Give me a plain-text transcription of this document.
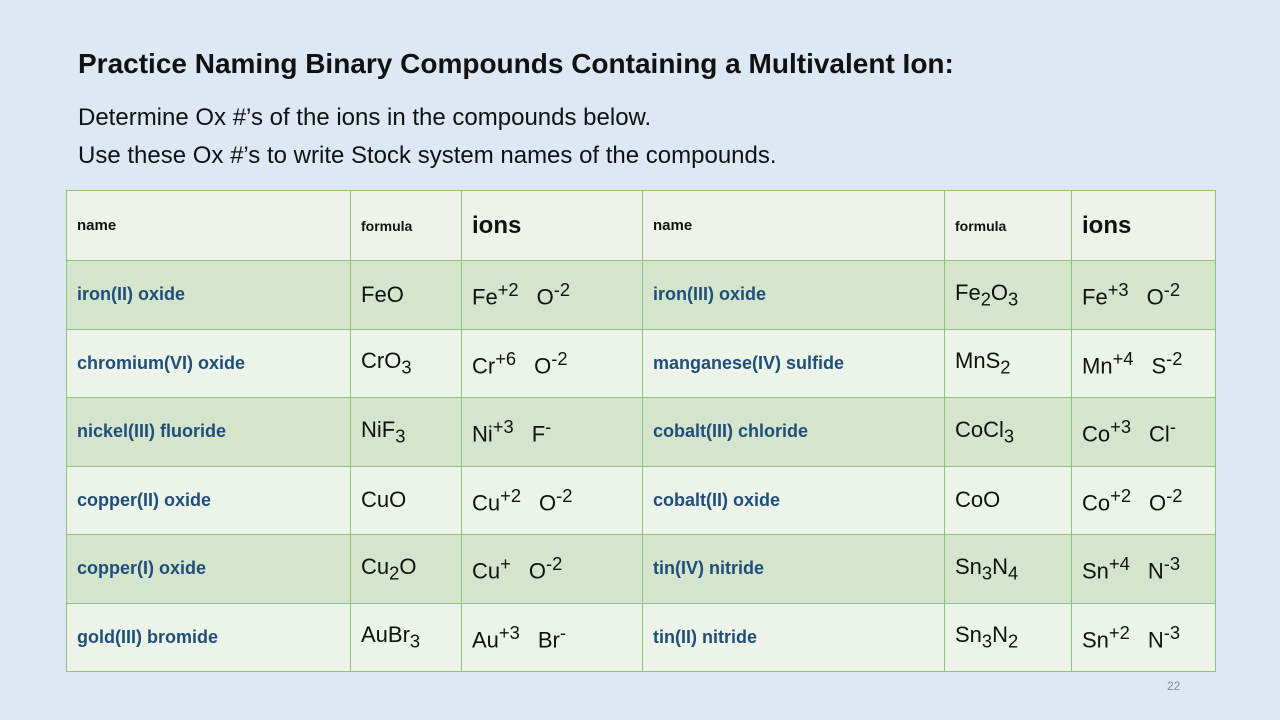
Practice Naming Binary Compounds Containing a Multivalent Ion:
Determine Ox #’s of the ions in the compounds below.
Use these Ox #’s to write Stock system names of the compounds.
name	formula	ions	name	formula	ions
iron(II) oxide	FeO	$Fe^{+2}$ $O^{-2}$	iron(III) oxide	$Fe_2O_3$	$Fe^{+3}$ $O^{-2}$
chromium(VI) oxide	CrO$_3$	$Cr^{+6}$ $O^{-2}$	manganese(IV) sulfide	MnS$_2$	$Mn^{+4}$ $S^{-2}$
nickel(III) fluoride	NiF$_3$	$Ni^{+3}$ F-	cobalt(III) chloride	CoCl$_3$	$Co^{+3}$ Cl-
copper(II) oxide	CuO	$Cu^{+2}$ $O^{-2}$	cobalt(II) oxide	CoO	$Co^{+2}$ $O^{-2}$
copper(I) oxide	$Cu_2O$	Cu+ $O^{-2}$	tin(IV) nitride	$Sn_3N_4$	$Sn^{+4}$ $N^{-3}$
gold(III) bromide	AuBr$_3$	$Au^{+3}$ Br-	tin(II) nitride	$Sn_3N_2$	$Sn^{+2}$ $N^{-3}$
22
